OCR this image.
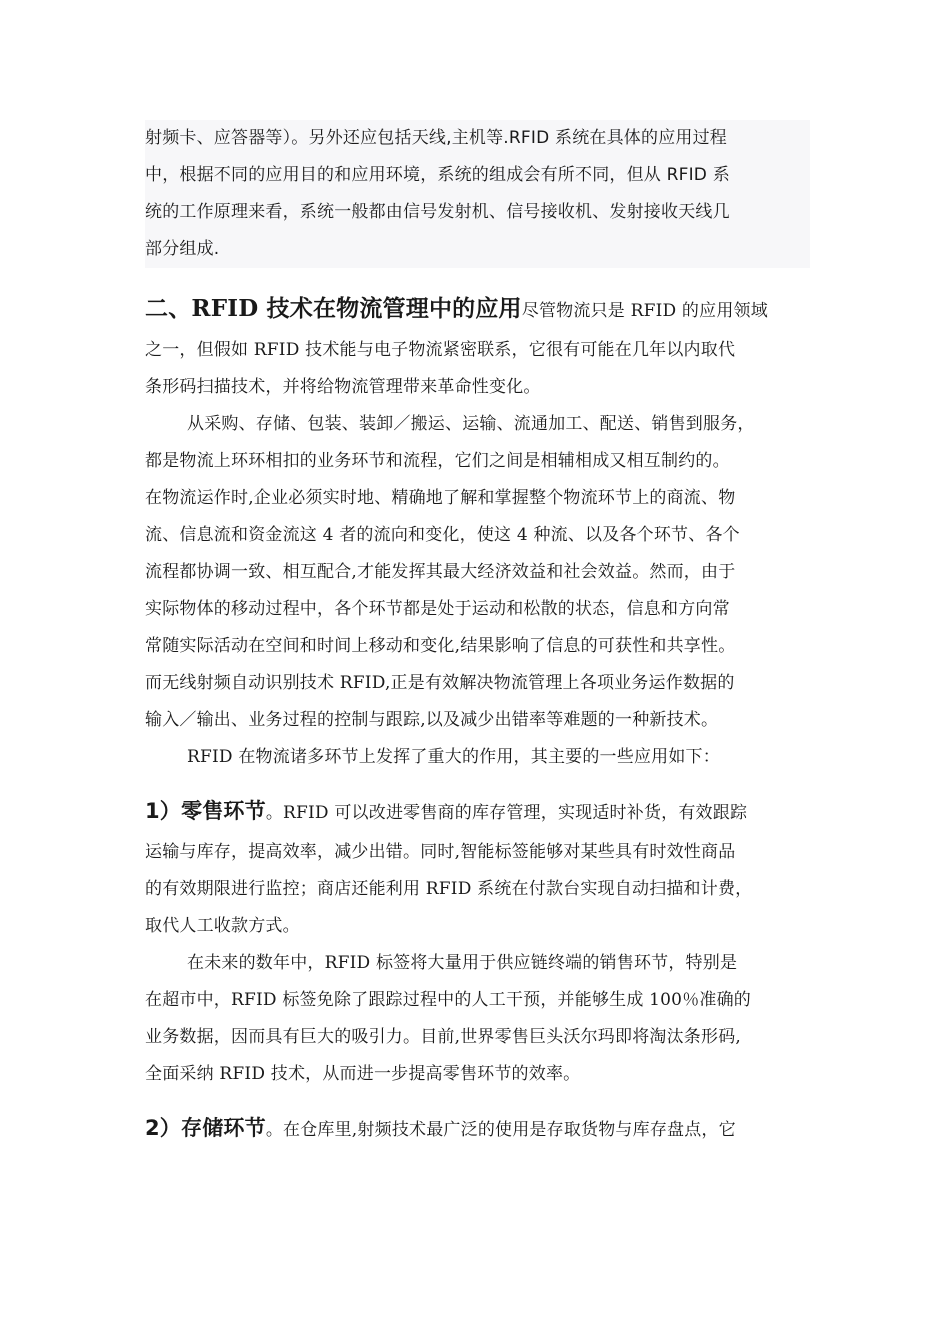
射频卡、应答器等）。另外还应包括天线,主机等.RFID 系统在具体的应用过程
中，根据不同的应用目的和应用环境，系统的组成会有所不同，但从 RFID 系
统的工作原理来看，系统一般都由信号发射机、信号接收机、发射接收天线几
部分组成.
二、RFID 技术在物流管理中的应用尽管物流只是 RFID 的应用领域
之一，但假如 RFID 技术能与电子物流紧密联系，它很有可能在几年以内取代
条形码扫描技术，并将给物流管理带来革命性变化。
从采购、存储、包装、装卸／搬运、运输、流通加工、配送、销售到服务，
都是物流上环环相扣的业务环节和流程，它们之间是相辅相成又相互制约的。
在物流运作时,企业必须实时地、精确地了解和掌握整个物流环节上的商流、物
流、信息流和资金流这 4 者的流向和变化，使这 4 种流、以及各个环节、各个
流程都协调一致、相互配合,才能发挥其最大经济效益和社会效益。然而，由于
实际物体的移动过程中，各个环节都是处于运动和松散的状态，信息和方向常
常随实际活动在空间和时间上移动和变化,结果影响了信息的可获性和共享性。
而无线射频自动识别技术 RFID,正是有效解决物流管理上各项业务运作数据的
输入／输出、业务过程的控制与跟踪,以及减少出错率等难题的一种新技术。
RFID 在物流诸多环节上发挥了重大的作用，其主要的一些应用如下：
1）零售环节。RFID 可以改进零售商的库存管理，实现适时补货，有效跟踪
运输与库存，提高效率，减少出错。同时,智能标签能够对某些具有时效性商品
的有效期限进行监控；商店还能利用 RFID 系统在付款台实现自动扫描和计费，
取代人工收款方式。
在未来的数年中，RFID 标签将大量用于供应链终端的销售环节，特别是
在超市中，RFID 标签免除了跟踪过程中的人工干预，并能够生成 100％准确的
业务数据，因而具有巨大的吸引力。目前,世界零售巨头沃尔玛即将淘汰条形码,
全面采纳 RFID 技术，从而进一步提高零售环节的效率。
2）存储环节。在仓库里,射频技术最广泛的使用是存取货物与库存盘点，它
